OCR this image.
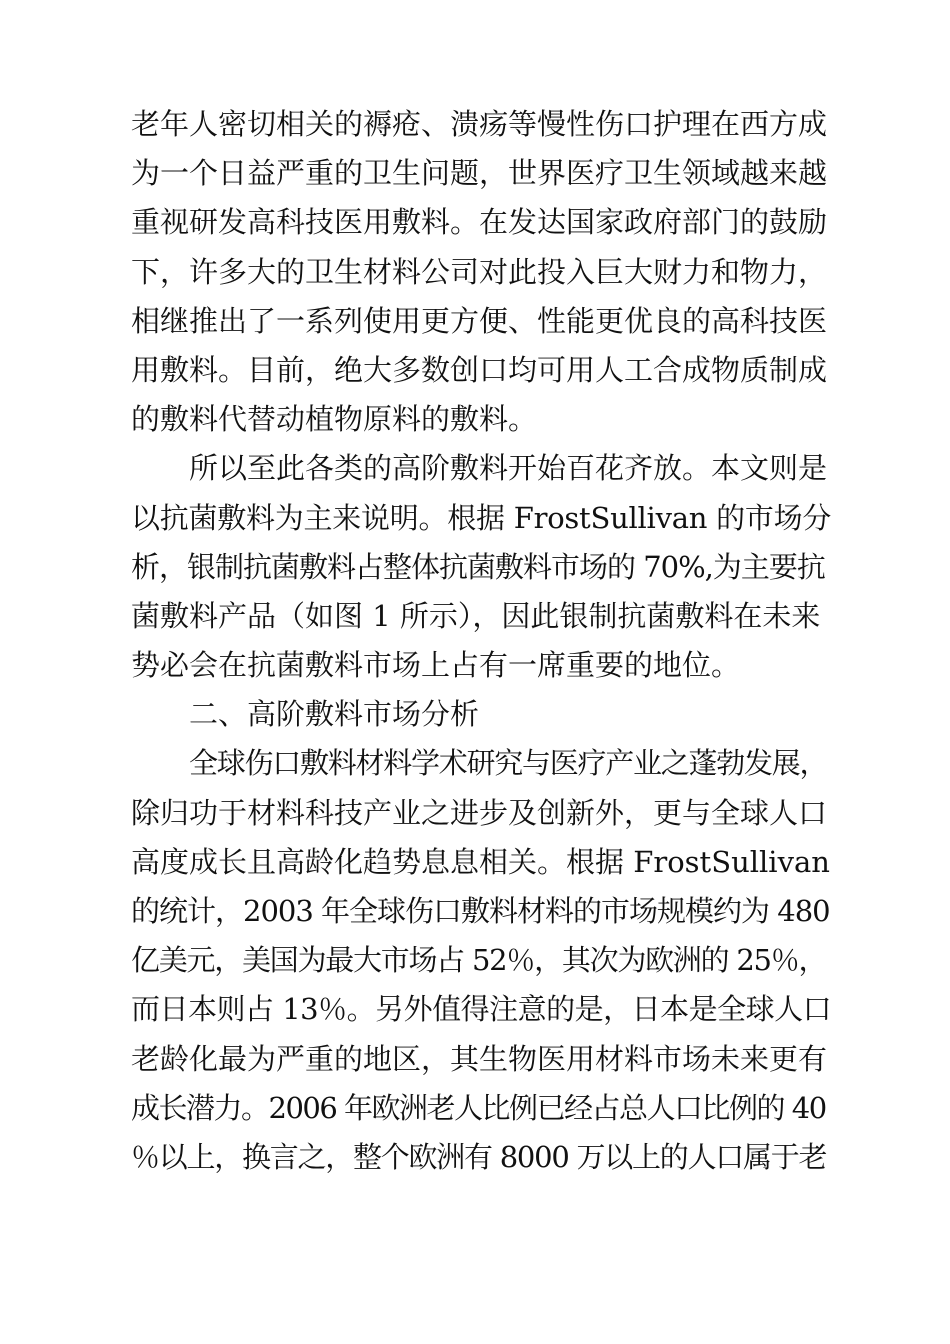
老年人密切相关的褥疮、溃疡等慢性伤口护理在西方成
为一个日益严重的卫生问题，世界医疗卫生领域越来越
重视研发高科技医用敷料。在发达国家政府部门的鼓励
下，许多大的卫生材料公司对此投入巨大财力和物力，
相继推出了一系列使用更方便、性能更优良的高科技医
用敷料。目前，绝大多数创口均可用人工合成物质制成
的敷料代替动植物原料的敷料。
所以至此各类的高阶敷料开始百花齐放。本文则是
以抗菌敷料为主来说明。根据 FrostSullivan 的市场分
析，银制抗菌敷料占整体抗菌敷料市场的 70%,为主要抗
菌敷料产品（如图 1 所示），因此银制抗菌敷料在未来
势必会在抗菌敷料市场上占有一席重要的地位。
二、高阶敷料市场分析
全球伤口敷料材料学术研究与医疗产业之蓬勃发展，
除归功于材料科技产业之进步及创新外，更与全球人口
高度成长且高龄化趋势息息相关。根据 FrostSullivan
的统计，2003 年全球伤口敷料材料的市场规模约为 480
亿美元，美国为最大市场占 52％，其次为欧洲的 25％，
而日本则占 13％。另外值得注意的是，日本是全球人口
老龄化最为严重的地区，其生物医用材料市场未来更有
成长潜力。2006 年欧洲老人比例已经占总人口比例的 40
％以上，换言之，整个欧洲有 8000 万以上的人口属于老
